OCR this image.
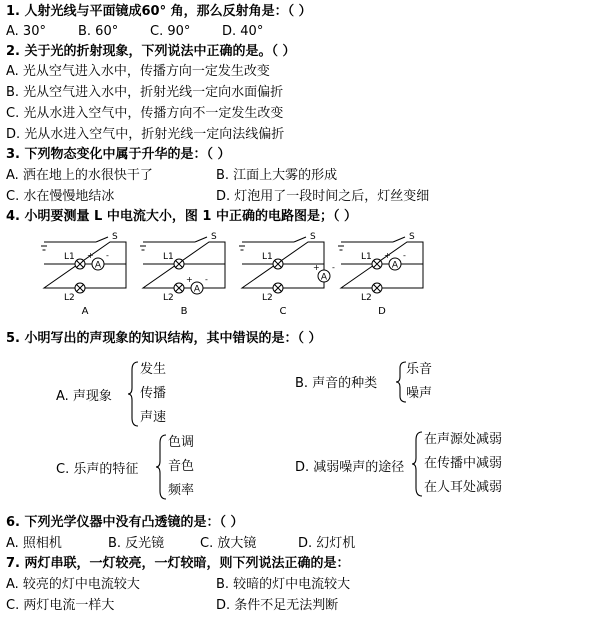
1. 人射光线与平面镜成60° 角，那么反射角是：（ ）
A. 30° B. 60° C. 90° D. 40°
2. 关于光的折射现象，下列说法中正确的是。（ ）
A. 光从空气进入水中，传播方向一定发生改变
B. 光从空气进入水中，折射光线一定向水面偏折
C. 光从水进入空气中，传播方向不一定发生改变
D. 光从水进入空气中，折射光线一定向法线偏折
3. 下列物态变化中属于升华的是：（ ）
A. 洒在地上的水很快干了	B. 江面上大雾的形成
C. 水在慢慢地结冰	D. 灯泡用了一段时间之后，灯丝变细
4. 小明要测量 L 中电流大小，图 1 中正确的电路图是；（ ）
S
L1
L2
A
+ -
A
S
L1
L2
A
+ -
B
S
L1
L2
A
+ -
C
S
L1
L2
A
+ -
D
5. 小明写出的声现象的知识结构，其中错误的是：（ ）
A. 声现象
发生
传播
声速
B. 声音的种类
乐音
噪声
C. 乐声的特征
色调
音色
频率
D. 减弱噪声的途径
在声源处减弱
在传播中减弱
在人耳处减弱
6. 下列光学仪器中没有凸透镜的是：（ ）
A. 照相机	B. 反光镜	C. 放大镜	D. 幻灯机
7. 两灯串联，一灯较亮，一灯较暗，则下列说法正确的是：
A. 较亮的灯中电流较大	B. 较暗的灯中电流较大
C. 两灯电流一样大	D. 条件不足无法判断
